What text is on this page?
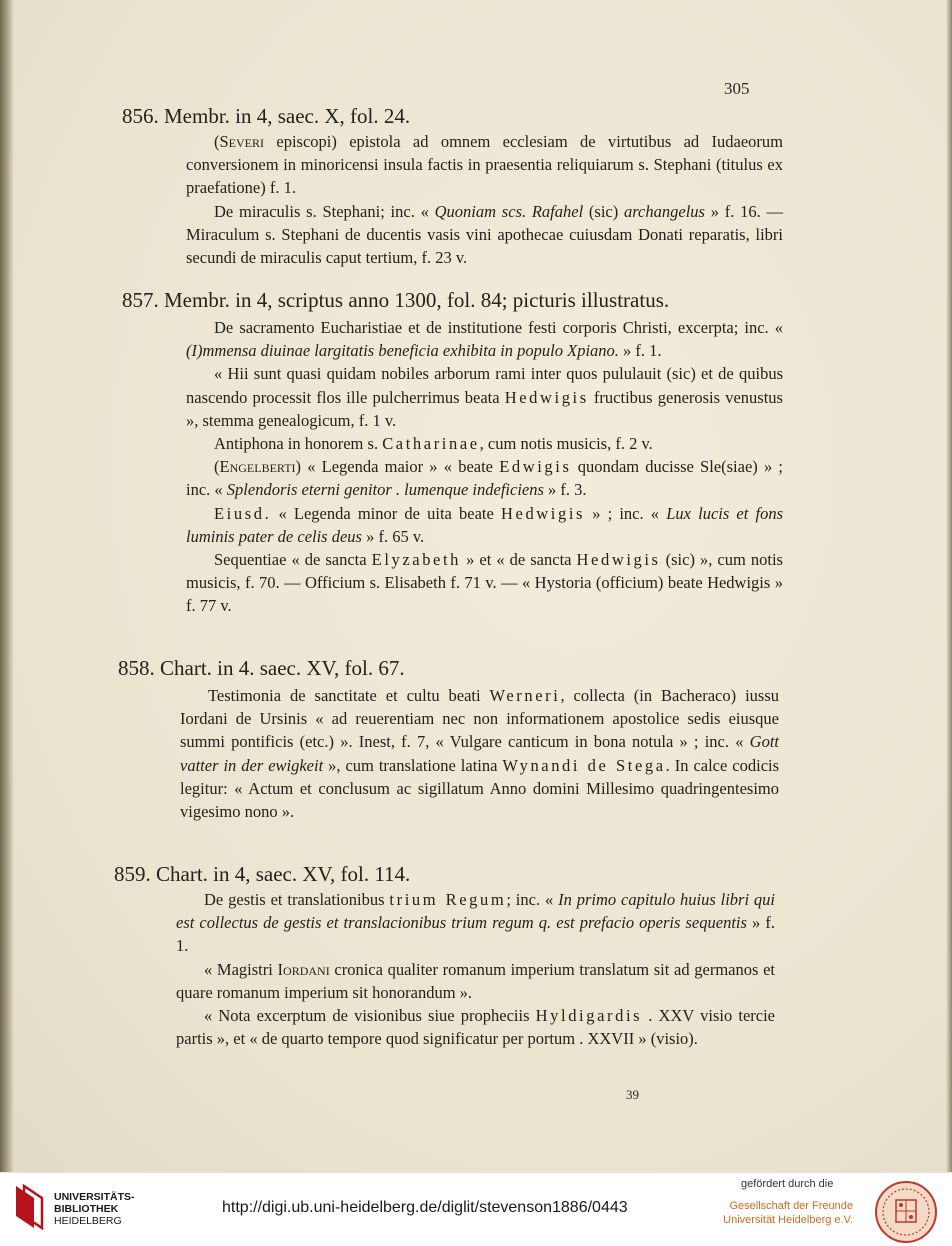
305
856. Membr. in 4, saec. X, fol. 24.

(Severi episcopi) epistola ad omnem ecclesiam de virtutibus ad Iudaeorum conversionem in minoricensi insula factis in praesentia reliquiarum s. Stephani (titulus ex praefatione) f. 1.

De miraculis s. Stephani; inc. « Quoniam scs. Rafahel (sic) archangelus » f. 16. — Miraculum s. Stephani de ducentis vasis vini apothecae cuiusdam Donati reparatis, libri secundi de miraculis caput tertium, f. 23 v.

857. Membr. in 4, scriptus anno 1300, fol. 84; picturis illustratus.

De sacramento Eucharistiae et de institutione festi corporis Christi, excerpta; inc. « (I)mmensa diuinae largitatis beneficia exhibita in populo Xpiano. » f. 1.

« Hii sunt quasi quidam nobiles arborum rami inter quos pululauit (sic) et de quibus nascendo processit flos ille pulcherrimus beata Hedwigis fructibus generosis venustus », stemma genealogicum, f. 1 v.

Antiphona in honorem s. Catharinae, cum notis musicis, f. 2 v.

(Engelberti) « Legenda maior » « beate Edwigis quondam ducisse Sle(siae) » ; inc. « Splendoris eterni genitor . lumenque indeficiens » f. 3.

Eiusd. « Legenda minor de uita beate Hedwigis » ; inc. « Lux lucis et fons luminis pater de celis deus » f. 65 v.

Sequentiae « de sancta Elyzabeth » et « de sancta Hedwigis (sic) », cum notis musicis, f. 70. — Officium s. Elisabeth f. 71 v. — « Hystoria (officium) beate Hedwigis » f. 77 v.

858. Chart. in 4. saec. XV, fol. 67.

Testimonia de sanctitate et cultu beati Werneri, collecta (in Bacheraco) iussu Iordani de Ursinis « ad reuerentiam nec non informationem apostolice sedis eiusque summi pontificis (etc.) ». Inest, f. 7, « Vulgare canticum in bona notula » ; inc. « Gott vatter in der ewigkeit », cum translatione latina Wynandi de Stega. In calce codicis legitur: « Actum et conclusum ac sigillatum Anno domini Millesimo quadringentesimo vigesimo nono ».

859. Chart. in 4, saec. XV, fol. 114.

De gestis et translationibus trium Regum; inc. « In primo capitulo huius libri qui est collectus de gestis et translacionibus trium regum q. est prefacio operis sequentis » f. 1.

« Magistri Iordani cronica qualiter romanum imperium translatum sit ad germanos et quare romanum imperium sit honorandum ».

« Nota excerptum de visionibus siue propheciis Hyldigardis . XXV visio tercie partis », et « de quarto tempore quod significatur per portum . XXVII » (visio).

39
UNIVERSITÄTS-
BIBLIOTHEK
HEIDELBERG
http://digi.ub.uni-heidelberg.de/diglit/stevenson1886/0443
gefördert durch die
Gesellschaft der Freunde
Universität Heidelberg e.V.
